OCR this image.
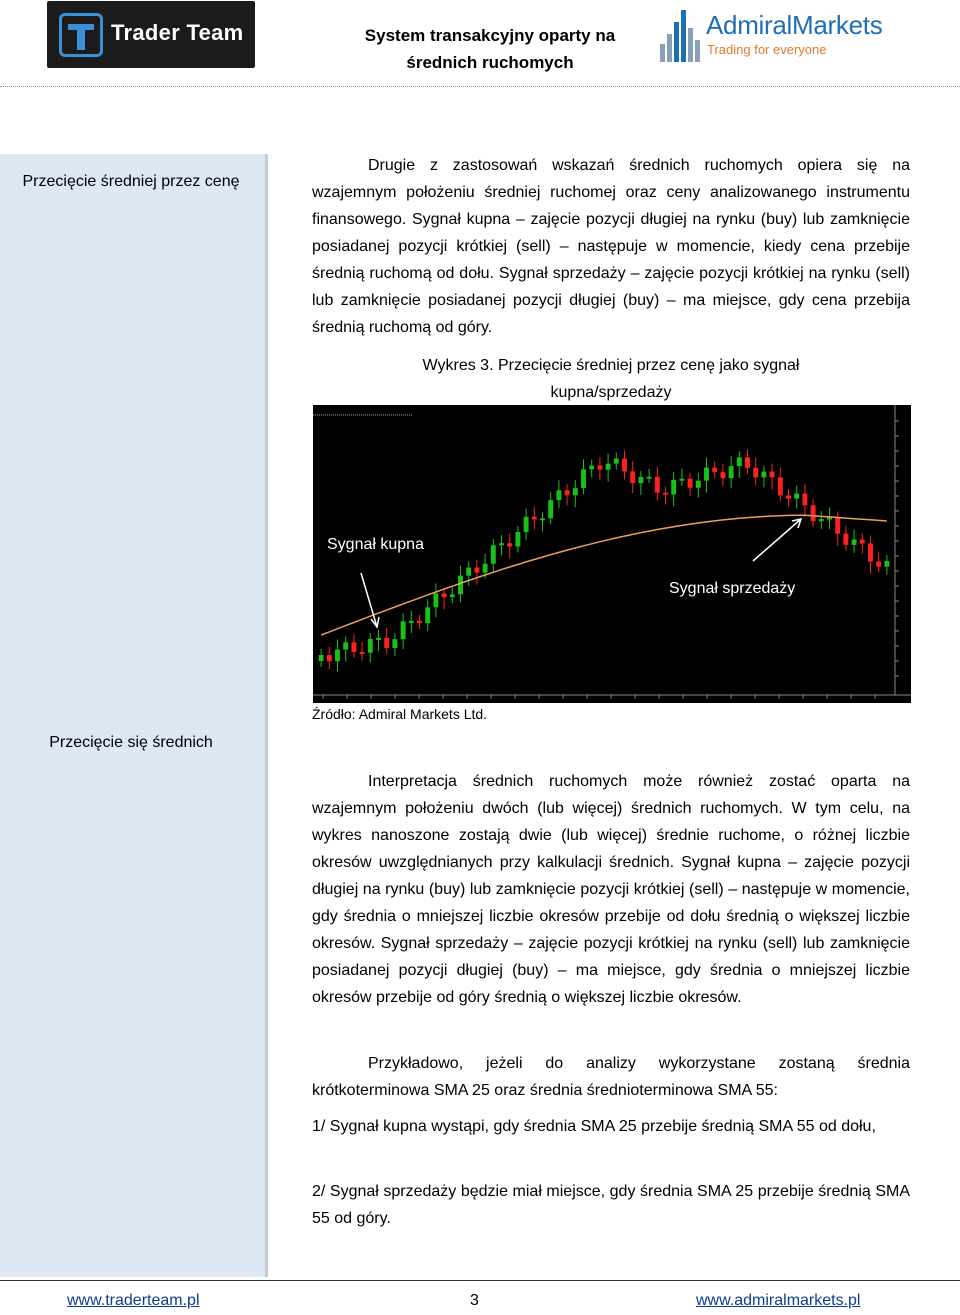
Trader Team	System transakcyjny oparty na
średnich ruchomych
AdmiralMarkets
Trading for everyone
Przecięcie średniej przez cenę
Przecięcie się średnich
Drugie z zastosowań wskazań średnich ruchomych opiera się na wzajemnym położeniu średniej ruchomej oraz ceny analizowanego instrumentu finansowego. Sygnał kupna – zajęcie pozycji długiej na rynku (buy) lub zamknięcie posiadanej pozycji krótkiej (sell) – następuje w momencie, kiedy cena przebije średnią ruchomą od dołu. Sygnał sprzedaży – zajęcie pozycji krótkiej na rynku (sell) lub zamknięcie posiadanej pozycji długiej (buy) – ma miejsce, gdy cena przebija średnią ruchomą od góry.
Wykres 3. Przecięcie średniej przez cenę jako sygnał
kupna/sprzedaży
Sygnał kupna
Sygnał sprzedaży
Źródło: Admiral Markets Ltd.
Interpretacja średnich ruchomych może również zostać oparta na wzajemnym położeniu dwóch (lub więcej) średnich ruchomych. W tym celu, na wykres nanoszone zostają dwie (lub więcej) średnie ruchome, o różnej liczbie okresów uwzględnianych przy kalkulacji średnich. Sygnał kupna – zajęcie pozycji długiej na rynku (buy) lub zamknięcie pozycji krótkiej (sell) – następuje w momencie, gdy średnia o mniejszej liczbie okresów przebije od dołu średnią o większej liczbie okresów. Sygnał sprzedaży – zajęcie pozycji krótkiej na rynku (sell) lub zamknięcie posiadanej pozycji długiej (buy) – ma miejsce, gdy średnia o mniejszej liczbie okresów przebije od góry średnią o większej liczbie okresów.
Przykładowo, jeżeli do analizy wykorzystane zostaną średnia krótkoterminowa SMA 25 oraz średnia średnioterminowa SMA 55:
1/ Sygnał kupna wystąpi, gdy średnia SMA 25 przebije średnią SMA 55 od dołu,
2/ Sygnał sprzedaży będzie miał miejsce, gdy średnia SMA 25 przebije średnią SMA 55 od góry.
www.traderteam.pl	3	www.admiralmarkets.pl
